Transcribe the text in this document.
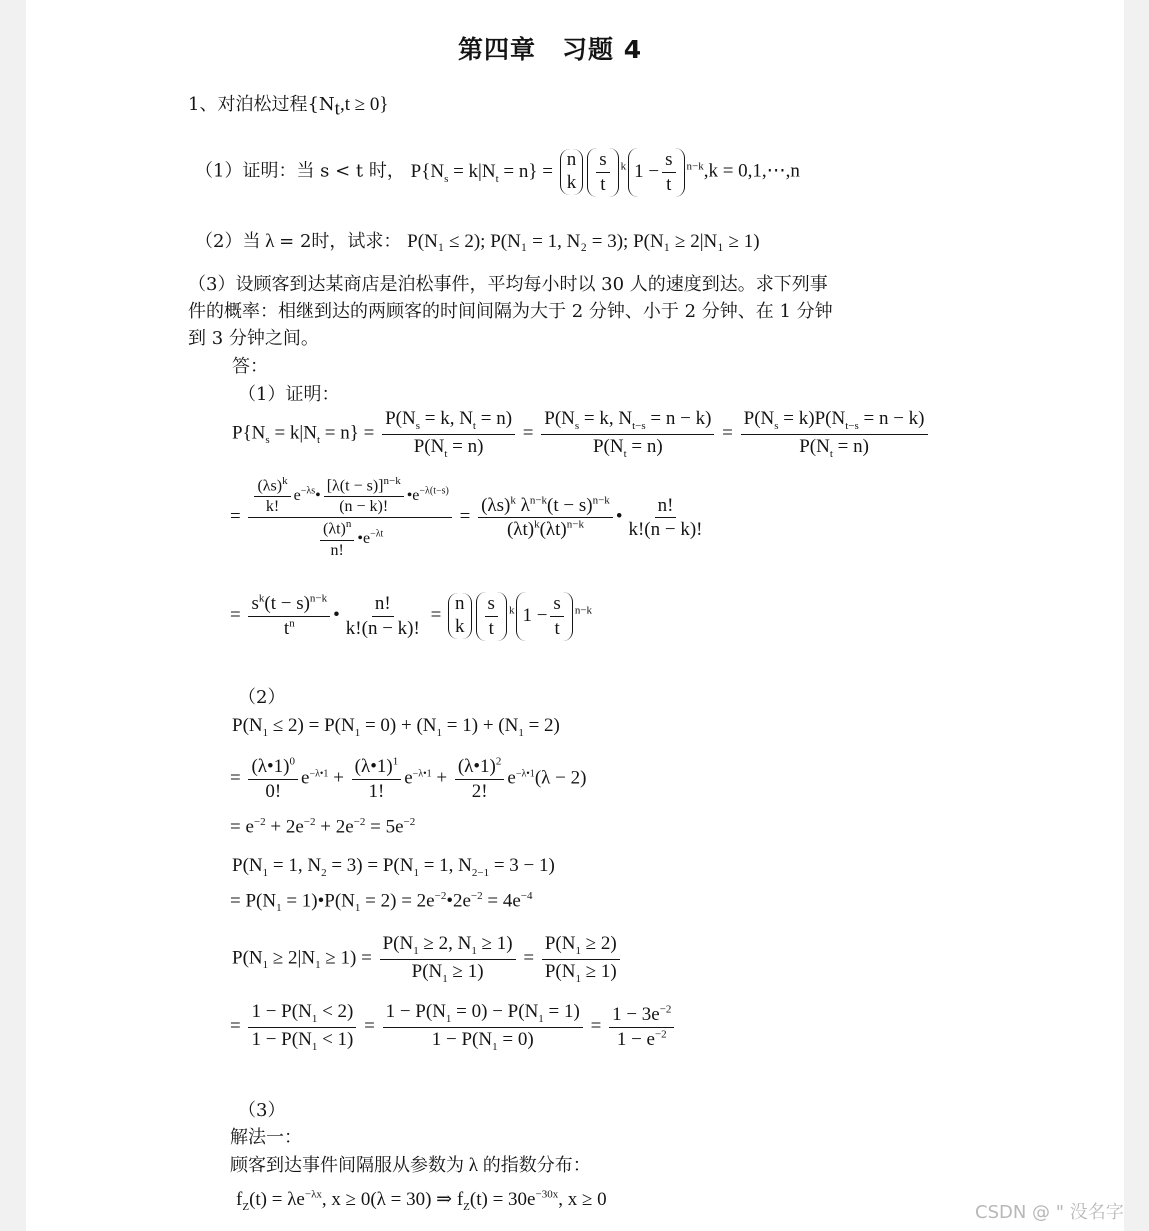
第四章　习题 4
1、对泊松过程$\{N_t,t \ge 0\}$
（1）证明：当 s < t 时， $P\{N_s = k|N_t = n\}$ =
n
k
s
t
$^k$ 1 −
s
t
$^{n-k}$,k = 0,1,⋯,n
（2）当 λ = 2时，试求： P(N₁ ≤ 2); P(N₁ = 1, N₂ = 3); P(N₁ ≥ 2|N₁ ≥ 1)
（3）设顾客到达某商店是泊松事件，平均每小时以 30 人的速度到达。求下列事
件的概率：相继到达的两顾客的时间间隔为大于 2 分钟、小于 2 分钟、在 1 分钟
到 3 分钟之间。
答：
（1）证明：
$P\{N_s = k|N_t = n\} = \frac{P(N_s = k, N_t = n)}{P(N_t = n)} = \frac{P(N_s = k, N_{t-s} = n - k)}{P(N_t = n)} = \frac{P(N_s = k)P(N_{t-s} = n - k)}{P(N_t = n)}$
= $\frac{\frac{(\lambda s)^k}{k!} e^{-\lambda s}• \frac{[\lambda(t - s)]^{n-k}}{(n - k)!} •e^{-\lambda(t-s)}}{\frac{(\lambda t)^n}{n!} •e^{-\lambda t}} = \frac{(\lambda s)^k \lambda^{n-k}(t - s)^{n-k}}{(\lambda t)^k(\lambda t)^{n-k}}$ • $\frac{n!}{k!(n - k)!}$
= $\frac{s^k(t - s)^{n-k}}{t^n}$ • $\frac{n!}{k!(n - k)!}$ =
n
k
s
t
$^k$ 1 −
s
t
$^{n-k}$
（2）
$P(N_1 \le 2) = P(N_1 = 0) + (N_1 = 1) + (N_1 = 2)$
= $\frac{(\lambda•1)^0}{0!} e^{-\lambda•1} + \frac{(\lambda•1)^1}{1!} e^{-\lambda•1} + \frac{(\lambda•1)^2}{2!} e^{-\lambda•1}(\lambda - 2)$
= $e^{-2} + 2e^{-2} + 2e^{-2} = 5e^{-2}$
$P(N_1 = 1$, $N_2 = 3) = P(N_1 = 1$, $N_{2-1} = 3 - 1$)
= $P(N_1$ = $1)•P(N_1 = 2)$ = $2e^{-2}•2e^{-2} = 4e^{-4}$
$P(N_1 \ge 2|N_1 \ge 1) = \frac{P(N_1 \ge 2, N_1 \ge 1)}{P(N_1 \ge 1)} = \frac{P(N_1 \ge 2)}{P(N_1 \ge 1)}$
= $\frac{1 - P(N_1 < 2)}{1 - P(N_1 < 1)} = \frac{1 - P(N_1 = 0) - P(N_1 = 1)}{1 - P(N_1 = 0)} = \frac{1 - 3e^{-2}}{1 - e^{-2}}$
（3）
解法一：
顾客到达事件间隔服从参数为 λ 的指数分布：
$f_Z(t) = \lambda e^{-\lambda x}$, x ≥ 0(λ = 30) ⇒ $f_Z(t) = 30e^{-30x}$, x ≥ 0
CSDN @ " 没名字
